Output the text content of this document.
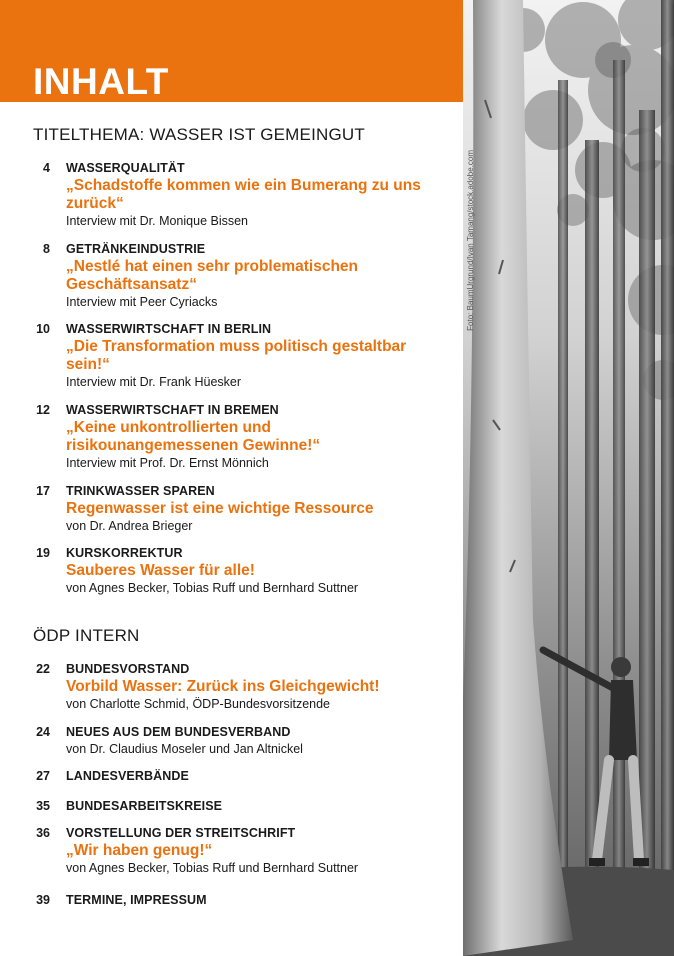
INHALT
TITELTHEMA: WASSER IST GEMEINGUT
4 WASSERQUALITÄT
„Schadstoffe kommen wie ein Bumerang zu uns zurück“
Interview mit Dr. Monique Bissen
8 GETRÄNKEINDUSTRIE
„Nestlé hat einen sehr problematischen Geschäftsansatz“
Interview mit Peer Cyriacks
10 WASSERWIRTSCHAFT IN BERLIN
„Die Transformation muss politisch gestaltbar sein!“
Interview mit Dr. Frank Hüesker
12 WASSERWIRTSCHAFT IN BREMEN
„Keine unkontrollierten und risikounangemessenen Gewinne!“
Interview mit Prof. Dr. Ernst Mönnich
17 TRINKWASSER SPAREN
Regenwasser ist eine wichtige Ressource
von Dr. Andrea Brieger
19 KURSKORREKTUR
Sauberes Wasser für alle!
von Agnes Becker, Tobias Ruff und Bernhard Suttner
ÖDP INTERN
22 BUNDESVORSTAND
Vorbild Wasser: Zurück ins Gleichgewicht!
von Charlotte Schmid, ÖDP-Bundesvorsitzende
24 NEUES AUS DEM BUNDESVERBAND
von Dr. Claudius Moseler und Jan Altnickel
27 LANDESVERBÄNDE
35 BUNDESARBEITSKREISE
36 VORSTELLUNG DER STREITSCHRIFT
„Wir haben genug!“
von Agnes Becker, Tobias Ruff und Bernhard Suttner
39 TERMINE, IMPRESSUM
Foto: BaumUrgrund/Ivan Tamang/stock.adobe.com
